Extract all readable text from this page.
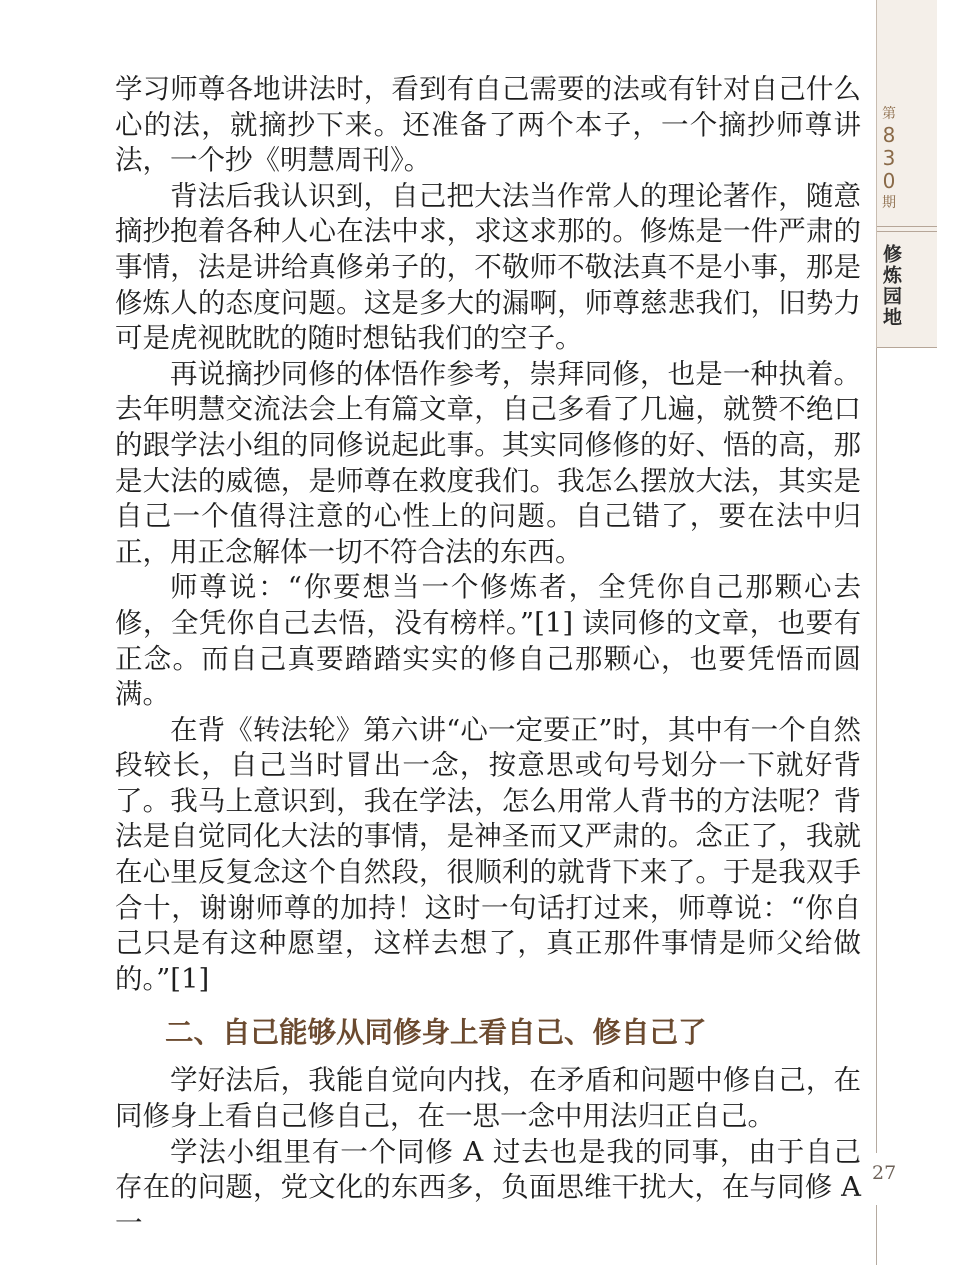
第
8
3
0
期
修炼园地
27

学习师尊各地讲法时，看到有自己需要的法或有针对自己什么心的法，就摘抄下来。还准备了两个本子，一个摘抄师尊讲法，一个抄《明慧周刊》。

背法后我认识到，自己把大法当作常人的理论著作，随意摘抄抱着各种人心在法中求，求这求那的。修炼是一件严肃的事情，法是讲给真修弟子的，不敬师不敬法真不是小事，那是修炼人的态度问题。这是多大的漏啊，师尊慈悲我们，旧势力可是虎视眈眈的随时想钻我们的空子。

再说摘抄同修的体悟作参考，崇拜同修，也是一种执着。去年明慧交流法会上有篇文章，自己多看了几遍，就赞不绝口的跟学法小组的同修说起此事。其实同修修的好、悟的高，那是大法的威德，是师尊在救度我们。我怎么摆放大法，其实是自己一个值得注意的心性上的问题。自己错了，要在法中归正，用正念解体一切不符合法的东西。

师尊说：“你要想当一个修炼者，全凭你自己那颗心去修，全凭你自己去悟，没有榜样。”[1] 读同修的文章，也要有正念。而自己真要踏踏实实的修自己那颗心，也要凭悟而圆满。

在背《转法轮》第六讲“心一定要正”时，其中有一个自然段较长，自己当时冒出一念，按意思或句号划分一下就好背了。我马上意识到，我在学法，怎么用常人背书的方法呢？背法是自觉同化大法的事情，是神圣而又严肃的。念正了，我就在心里反复念这个自然段，很顺利的就背下来了。于是我双手合十，谢谢师尊的加持！这时一句话打过来，师尊说：“你自己只是有这种愿望，这样去想了，真正那件事情是师父给做的。”[1]

二、自己能够从同修身上看自己、修自己了

学好法后，我能自觉向内找，在矛盾和问题中修自己，在同修身上看自己修自己，在一思一念中用法归正自己。

学法小组里有一个同修 A 过去也是我的同事，由于自己存在的问题，党文化的东西多，负面思维干扰大，在与同修 A 一
